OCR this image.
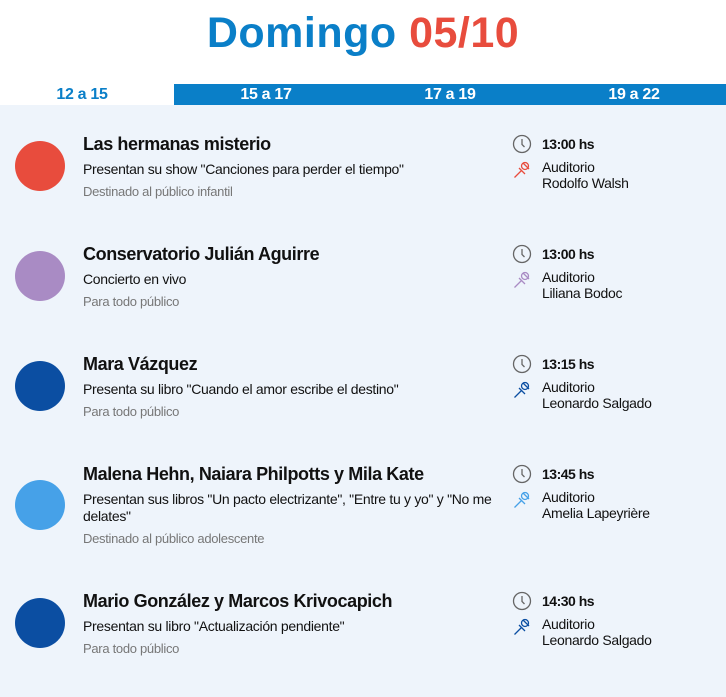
Domingo 05/10
12 a 15	15 a 17	17 a 19	19 a 22
Las hermanas misterio
Presentan su show "Canciones para perder el tiempo"
Destinado al público infantil
13:00 hs
Auditorio
Rodolfo Walsh
Conservatorio Julián Aguirre
Concierto en vivo
Para todo público
13:00 hs
Auditorio
Liliana Bodoc
Mara Vázquez
Presenta su libro "Cuando el amor escribe el destino"
Para todo público
13:15 hs
Auditorio
Leonardo Salgado
Malena Hehn, Naiara Philpotts y Mila Kate
Presentan sus libros "Un pacto electrizante", "Entre tu y yo" y "No me delates"
Destinado al público adolescente
13:45 hs
Auditorio
Amelia Lapeyrière
Mario González y Marcos Krivocapich
Presentan su libro "Actualización pendiente"
Para todo público
14:30 hs
Auditorio
Leonardo Salgado
